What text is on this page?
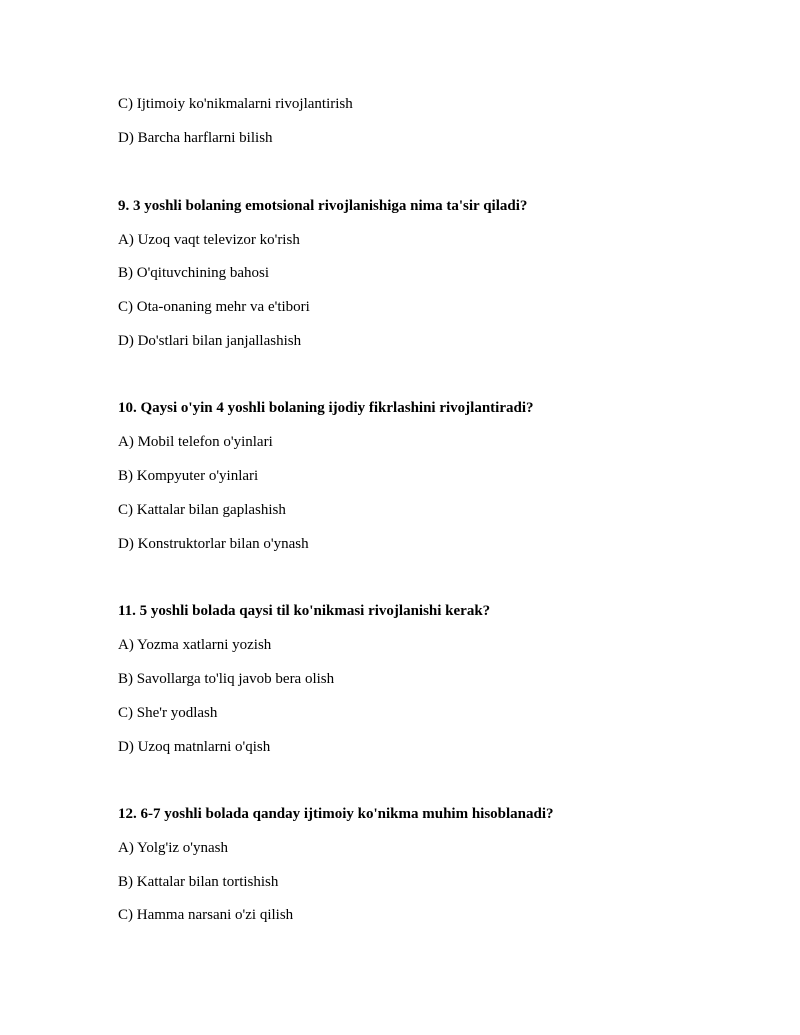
C) Ijtimoiy ko'nikmalarni rivojlantirish

D) Barcha harflarni bilish

9. 3 yoshli bolaning emotsional rivojlanishiga nima ta'sir qiladi?

A) Uzoq vaqt televizor ko'rish

B) O'qituvchining bahosi

C) Ota-onaning mehr va e'tibori

D) Do'stlari bilan janjallashish

10. Qaysi o'yin 4 yoshli bolaning ijodiy fikrlashini rivojlantiradi?

A) Mobil telefon o'yinlari

B) Kompyuter o'yinlari

C) Kattalar bilan gaplashish

D) Konstruktorlar bilan o'ynash

11. 5 yoshli bolada qaysi til ko'nikmasi rivojlanishi kerak?

A) Yozma xatlarni yozish

B) Savollarga to'liq javob bera olish

C) She'r yodlash

D) Uzoq matnlarni o'qish

12. 6-7 yoshli bolada qanday ijtimoiy ko'nikma muhim hisoblanadi?

A) Yolg'iz o'ynash

B) Kattalar bilan tortishish

C) Hamma narsani o'zi qilish
